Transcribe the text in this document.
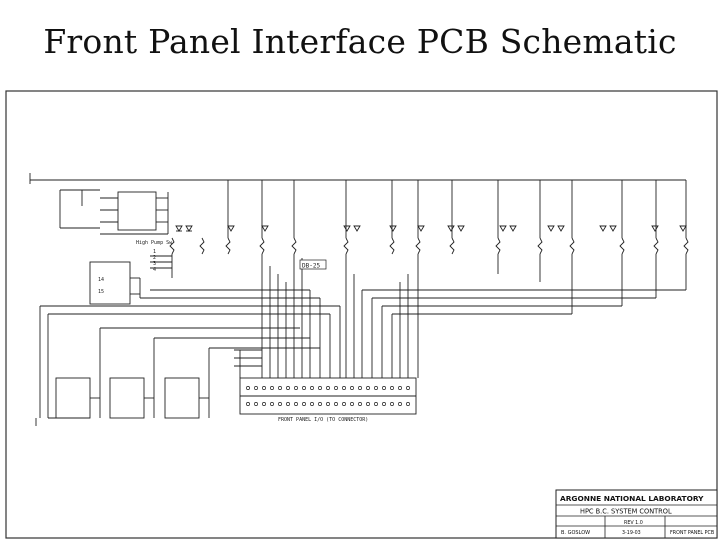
Front Panel Interface PCB Schematic
DB-25
FRONT PANEL I/O (TO CONNECTOR)
High Pump Sw
1
2
3
4
14
15
ARGONNE NATIONAL LABORATORY
HPC B.C. SYSTEM CONTROL
B. GOSLOW
REV 1.0
3-19-03	FRONT PANEL PCB
